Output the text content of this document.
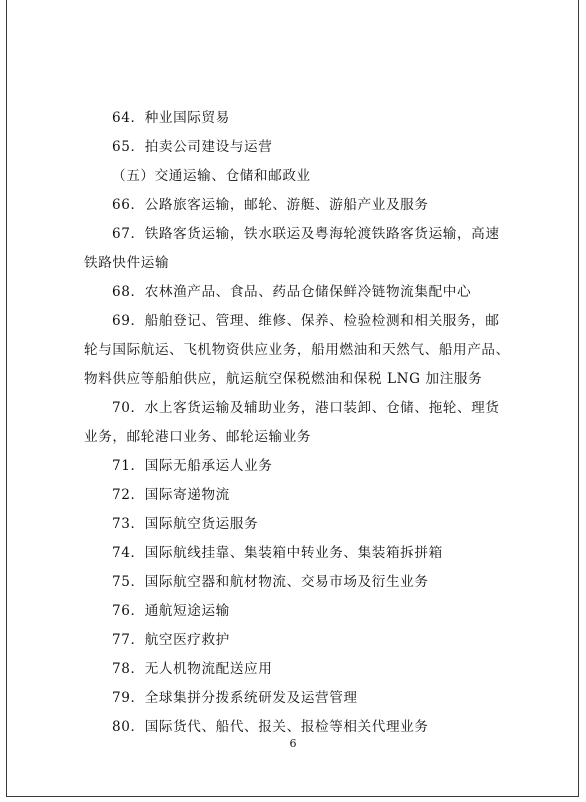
64．种业国际贸易
65．拍卖公司建设与运营
（五）交通运输、仓储和邮政业
66．公路旅客运输，邮轮、游艇、游船产业及服务
67．铁路客货运输，铁水联运及粤海轮渡铁路客货运输，高速
铁路快件运输
68．农林渔产品、食品、药品仓储保鲜冷链物流集配中心
69．船舶登记、管理、维修、保养、检验检测和相关服务，邮
轮与国际航运、飞机物资供应业务，船用燃油和天然气、船用产品、
物料供应等船舶供应，航运航空保税燃油和保税 LNG 加注服务
70．水上客货运输及辅助业务，港口装卸、仓储、拖轮、理货
业务，邮轮港口业务、邮轮运输业务
71．国际无船承运人业务
72．国际寄递物流
73．国际航空货运服务
74．国际航线挂靠、集装箱中转业务、集装箱拆拼箱
75．国际航空器和航材物流、交易市场及衍生业务
76．通航短途运输
77．航空医疗救护
78．无人机物流配送应用
79．全球集拼分拨系统研发及运营管理
80．国际货代、船代、报关、报检等相关代理业务
6
